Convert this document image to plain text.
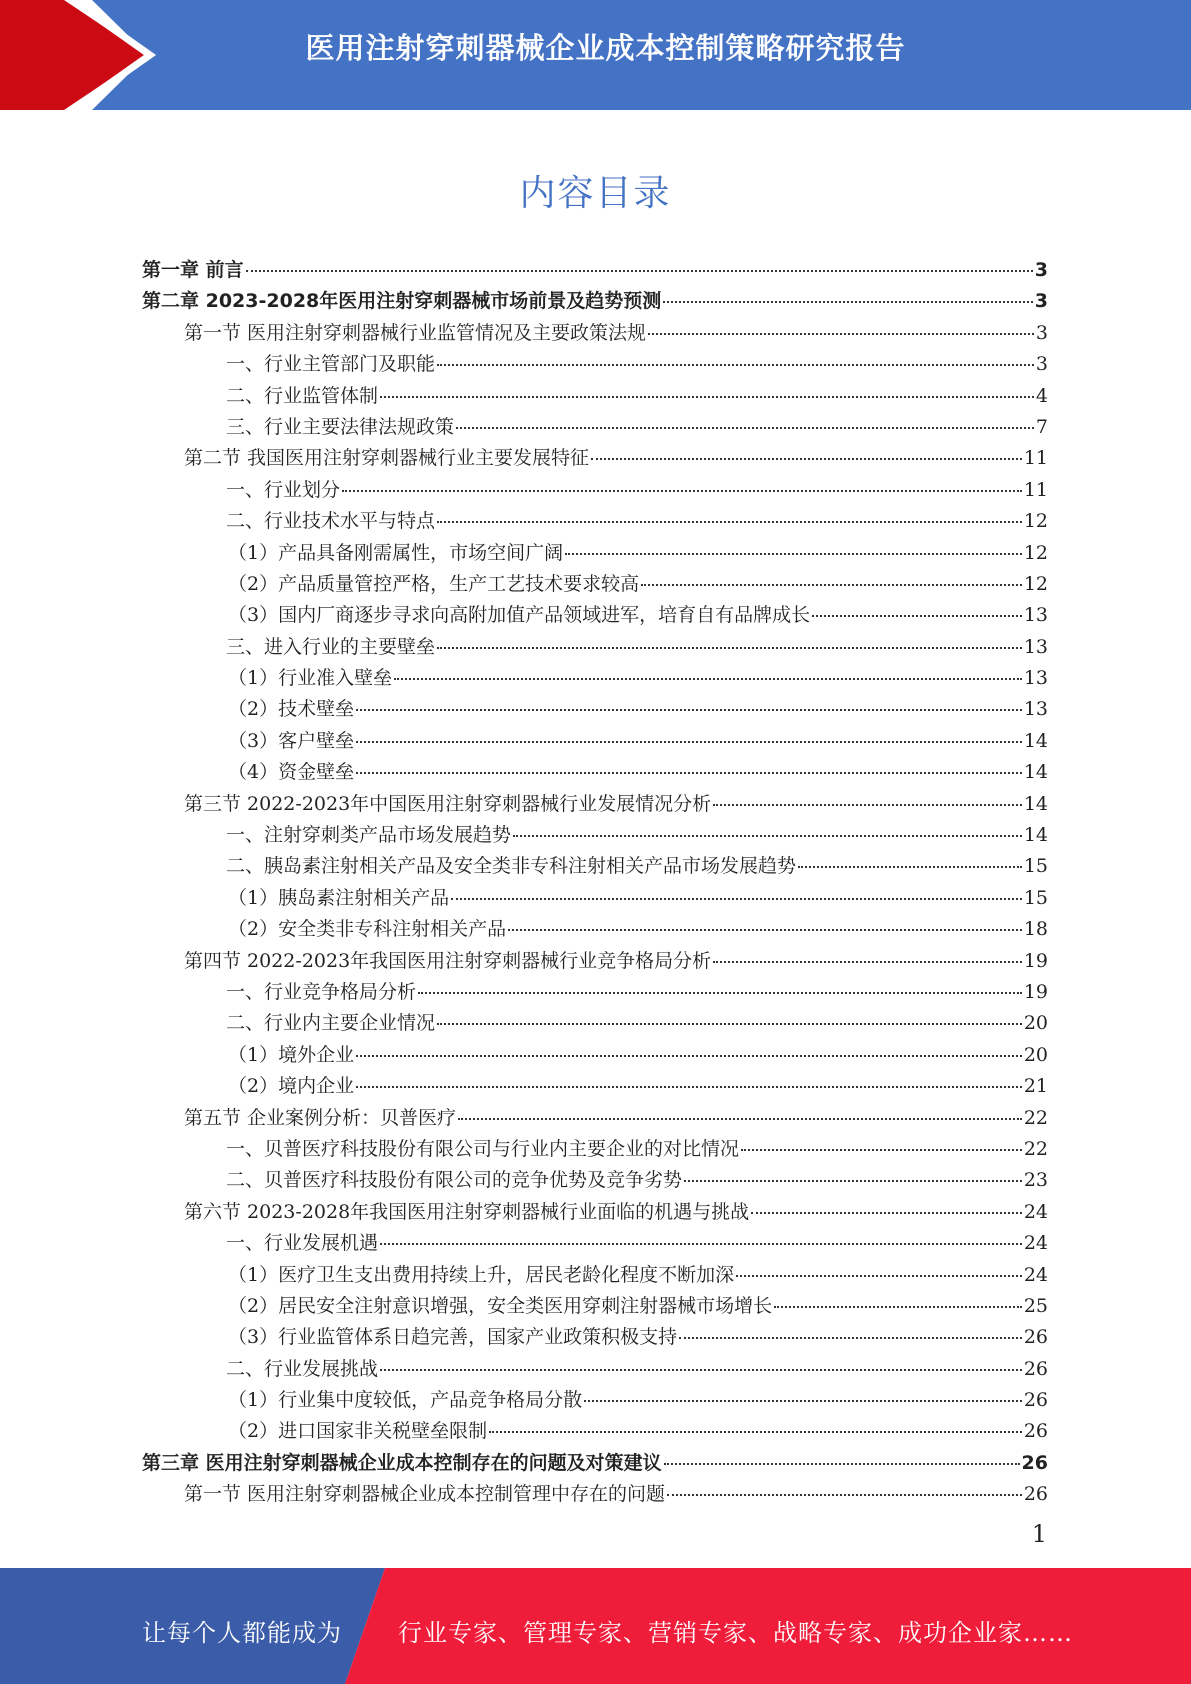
医用注射穿刺器械企业成本控制策略研究报告
内容目录
第一章 前言	3
第二章 2023-2028年医用注射穿刺器械市场前景及趋势预测	3
第一节 医用注射穿刺器械行业监管情况及主要政策法规	3
一、行业主管部门及职能	3
二、行业监管体制	4
三、行业主要法律法规政策	7
第二节 我国医用注射穿刺器械行业主要发展特征	11
一、行业划分	11
二、行业技术水平与特点	12
（1）产品具备刚需属性，市场空间广阔	12
（2）产品质量管控严格，生产工艺技术要求较高	12
（3）国内厂商逐步寻求向高附加值产品领域进军，培育自有品牌成长	13
三、进入行业的主要壁垒	13
（1）行业准入壁垒	13
（2）技术壁垒	13
（3）客户壁垒	14
（4）资金壁垒	14
第三节 2022-2023年中国医用注射穿刺器械行业发展情况分析	14
一、注射穿刺类产品市场发展趋势	14
二、胰岛素注射相关产品及安全类非专科注射相关产品市场发展趋势	15
（1）胰岛素注射相关产品	15
（2）安全类非专科注射相关产品	18
第四节 2022-2023年我国医用注射穿刺器械行业竞争格局分析	19
一、行业竞争格局分析	19
二、行业内主要企业情况	20
（1）境外企业	20
（2）境内企业	21
第五节 企业案例分析：贝普医疗	22
一、贝普医疗科技股份有限公司与行业内主要企业的对比情况	22
二、贝普医疗科技股份有限公司的竞争优势及竞争劣势	23
第六节 2023-2028年我国医用注射穿刺器械行业面临的机遇与挑战	24
一、行业发展机遇	24
（1）医疗卫生支出费用持续上升，居民老龄化程度不断加深	24
（2）居民安全注射意识增强，安全类医用穿刺注射器械市场增长	25
（3）行业监管体系日趋完善，国家产业政策积极支持	26
二、行业发展挑战	26
（1）行业集中度较低，产品竞争格局分散	26
（2）进口国家非关税壁垒限制	26
第三章 医用注射穿刺器械企业成本控制存在的问题及对策建议	26
第一节 医用注射穿刺器械企业成本控制管理中存在的问题	26
1
让每个人都能成为 行业专家、管理专家、营销专家、战略专家、成功企业家……
